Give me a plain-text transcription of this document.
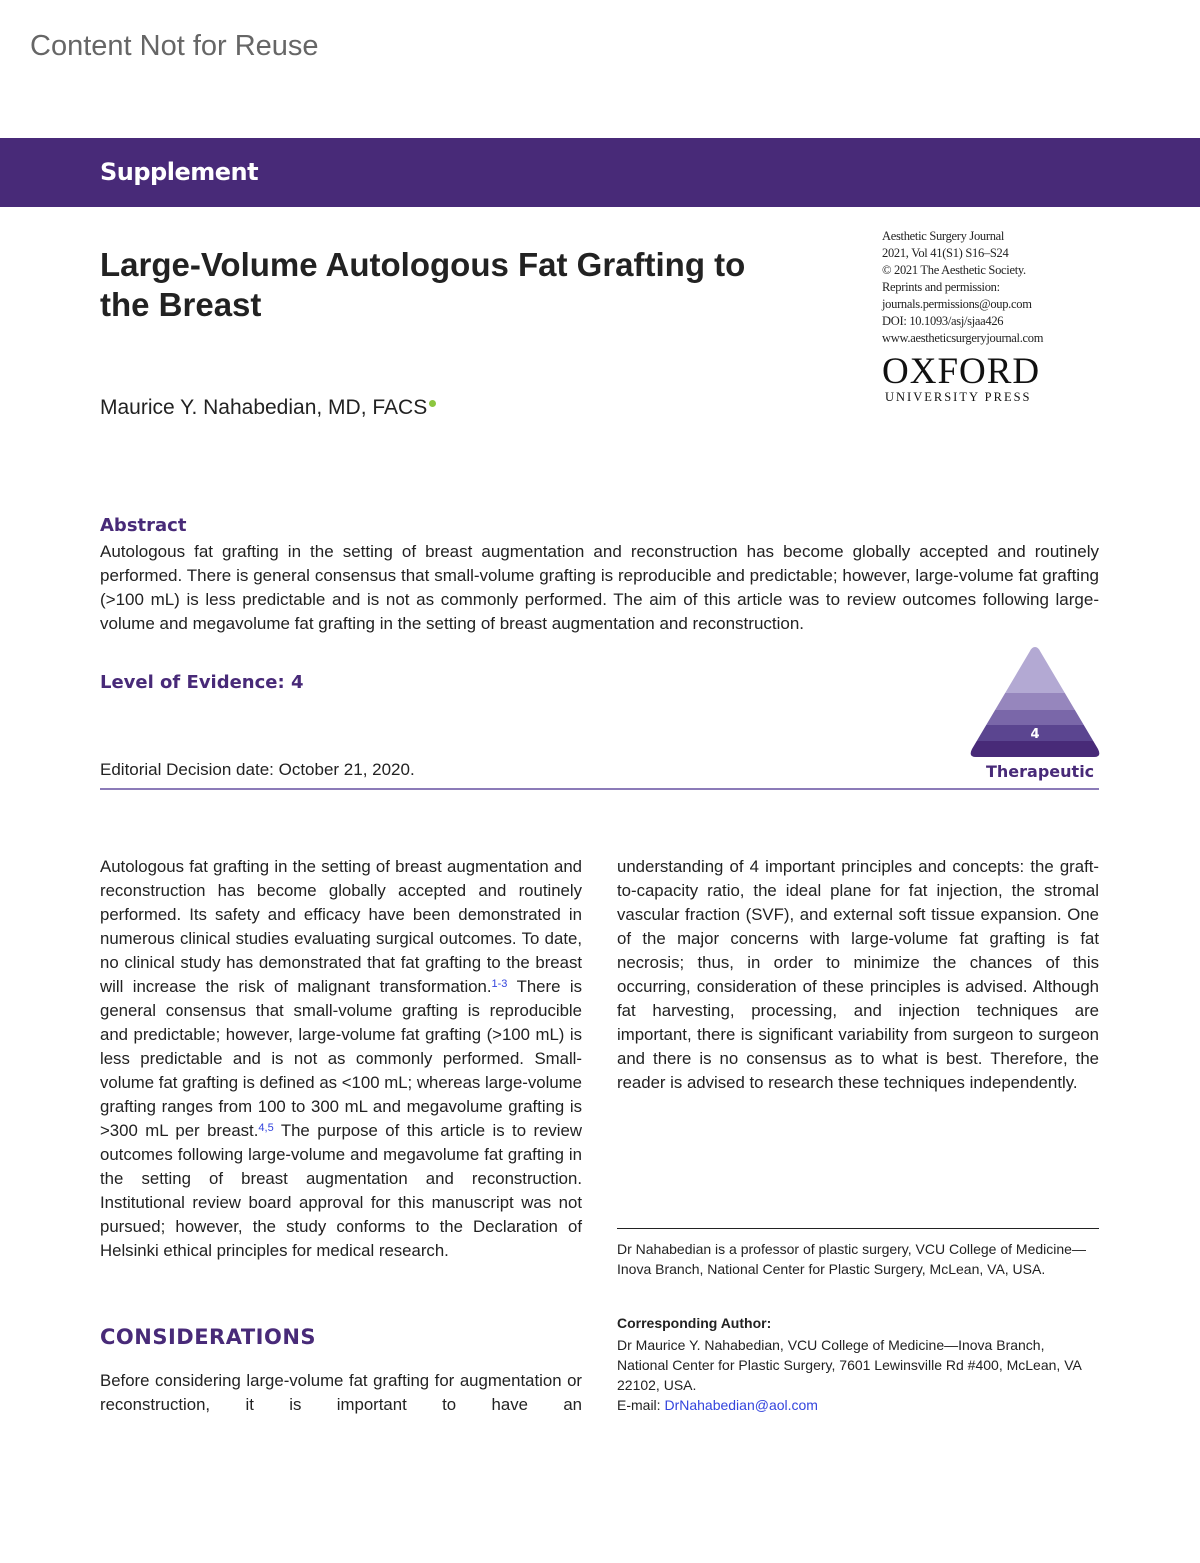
Content Not for Reuse
Supplement
Large-Volume Autologous Fat Grafting to the Breast
Maurice Y. Nahabedian, MD, FACS
Aesthetic Surgery Journal
2021, Vol 41(S1) S16–S24
© 2021 The Aesthetic Society.
Reprints and permission:
journals.permissions@oup.com
DOI: 10.1093/asj/sjaa426
www.aestheticsurgeryjournal.com
OXFORD
UNIVERSITY PRESS
Abstract
Autologous fat grafting in the setting of breast augmentation and reconstruction has become globally accepted and routinely performed. There is general consensus that small-volume grafting is reproducible and predictable; however, large-volume fat grafting (>100 mL) is less predictable and is not as commonly performed. The aim of this article was to review outcomes following large-volume and megavolume fat grafting in the setting of breast augmentation and reconstruction.
Level of Evidence: 4
4
Therapeutic
Editorial Decision date: October 21, 2020.
Autologous fat grafting in the setting of breast augmentation and reconstruction has become globally accepted and routinely performed. Its safety and efficacy have been demonstrated in numerous clinical studies evaluating surgical outcomes. To date, no clinical study has demonstrated that fat grafting to the breast will increase the risk of malignant transformation.$^{1-3}$ There is general consensus that small-volume grafting is reproducible and predictable; however, large-volume fat grafting (>100 mL) is less predictable and is not as commonly performed. Small-volume fat grafting is defined as <100 mL; whereas large-volume grafting ranges from 100 to 300 mL and megavolume grafting is >300 mL per breast.$^{4,5}$ The purpose of this article is to review outcomes following large-volume and megavolume fat grafting in the setting of breast augmentation and reconstruction. Institutional review board approval for this manuscript was not pursued; however, the study conforms to the Declaration of Helsinki ethical principles for medical research.
CONSIDERATIONS
Before considering large-volume fat grafting for augmentation or reconstruction, it is important to have an
understanding of 4 important principles and concepts: the graft-to-capacity ratio, the ideal plane for fat injection, the stromal vascular fraction (SVF), and external soft tissue expansion. One of the major concerns with large-volume fat grafting is fat necrosis; thus, in order to minimize the chances of this occurring, consideration of these principles is advised. Although fat harvesting, processing, and injection techniques are important, there is significant variability from surgeon to surgeon and there is no consensus as to what is best. Therefore, the reader is advised to research these techniques independently.
Dr Nahabedian is a professor of plastic surgery, VCU College of Medicine—Inova Branch, National Center for Plastic Surgery, McLean, VA, USA.
Corresponding Author:
Dr Maurice Y. Nahabedian, VCU College of Medicine—Inova Branch, National Center for Plastic Surgery, 7601 Lewinsville Rd #400, McLean, VA 22102, USA.
E-mail: DrNahabedian@aol.com
